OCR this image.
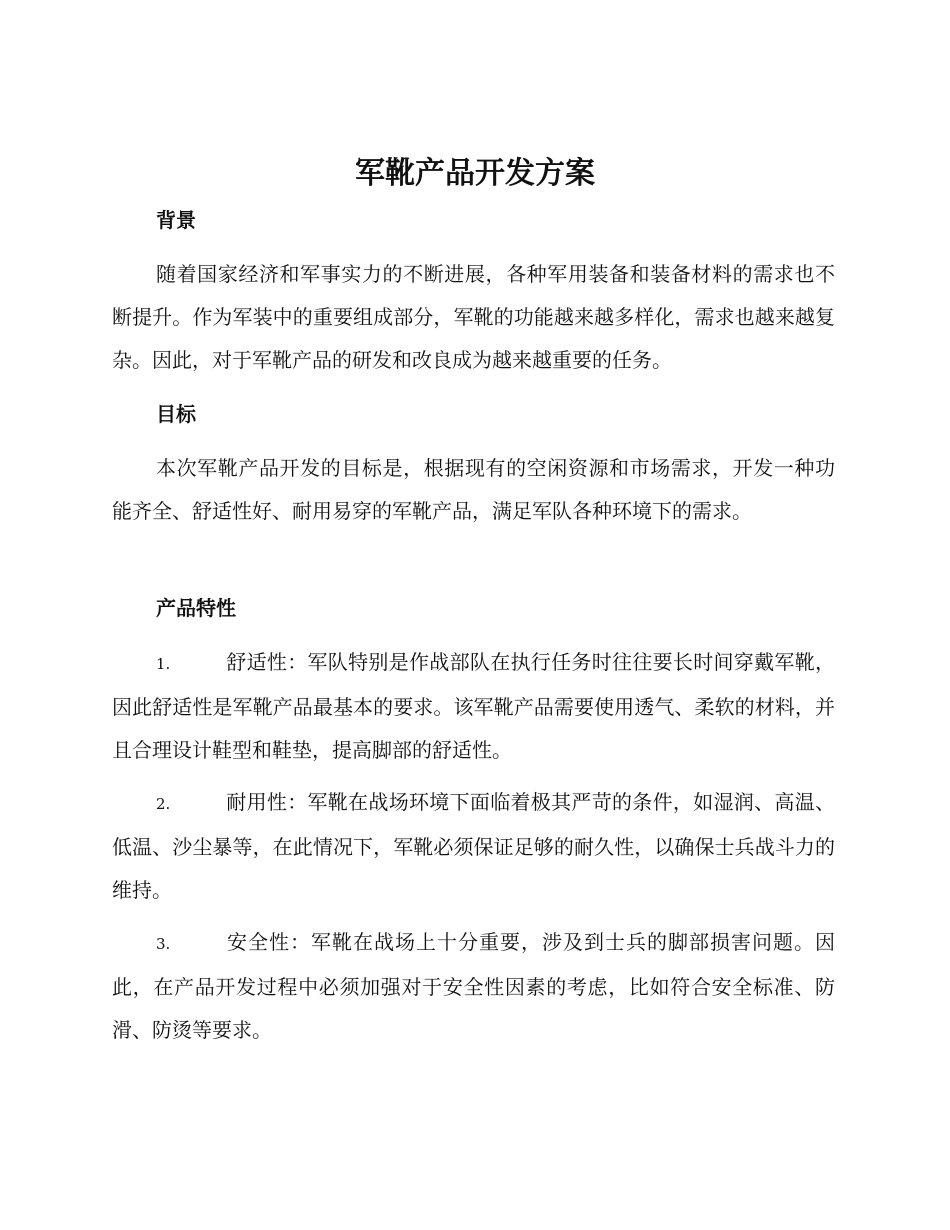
军靴产品开发方案
背景

随着国家经济和军事实力的不断进展，各种军用装备和装备材料的需求也不断提升。作为军装中的重要组成部分，军靴的功能越来越多样化，需求也越来越复杂。因此，对于军靴产品的研发和改良成为越来越重要的任务。

目标

本次军靴产品开发的目标是，根据现有的空闲资源和市场需求，开发一种功能齐全、舒适性好、耐用易穿的军靴产品，满足军队各种环境下的需求。

产品特性

1.	舒适性：军队特别是作战部队在执行任务时往往要长时间穿戴军靴，因此舒适性是军靴产品最基本的要求。该军靴产品需要使用透气、柔软的材料，并且合理设计鞋型和鞋垫，提高脚部的舒适性。

2.	耐用性：军靴在战场环境下面临着极其严苛的条件，如湿润、高温、低温、沙尘暴等，在此情况下，军靴必须保证足够的耐久性，以确保士兵战斗力的维持。

3.	安全性：军靴在战场上十分重要，涉及到士兵的脚部损害问题。因此，在产品开发过程中必须加强对于安全性因素的考虑，比如符合安全标准、防滑、防烫等要求。
